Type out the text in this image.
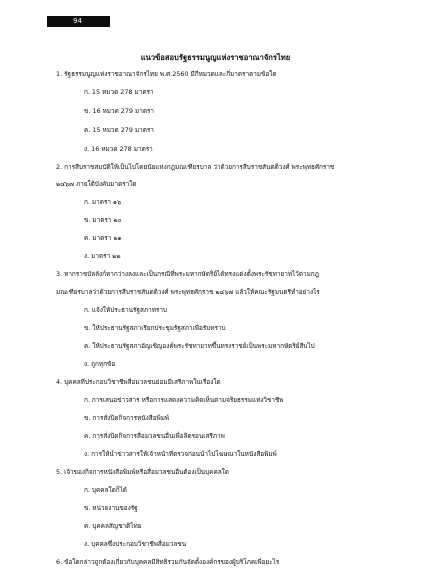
94
แนวข้อสอบรัฐธรรมนูญแห่งราชอาณาจักรไทย
1. รัฐธรรมนูญแห่งราชอาณาจักรไทย พ.ศ.2560 มีกี่หมวดและกี่มาตราตามข้อใด
ก. 15 หมวด 278 มาตรา
ข. 16 หมวด 279 มาตรา
ค. 15 หมวด 279 มาตรา
ง. 16 หมวด 278 มาตรา
2. การสืบราชสมบัติให้เป็นไปโดยนัยแห่งกฎมณเฑียรบาล ว่าด้วยการสืบราชสันตติวงศ์ พระพุทธศักราช
๒๔๖๗ ภายใต้บังคับมาตราใด
ก. มาตรา ๑๖
ข. มาตรา ๒๐
ค. มาตรา ๒๑
ง. มาตรา ๒๒
3. หากราชบัลลังก์หากว่างลงและเป็นกรณีที่พระมหากษัตริย์ได้ทรงแต่งตั้งพระรัชทายาทไว้ตามกฎ
มณเฑียรบาลว่าด้วยการสืบราชสันตติวงศ์ พระพุทธศักราช ๒๔๖๗ แล้วให้คณะรัฐมนตรีทำอย่างไร
ก. แจ้งให้ประธานรัฐสภาทราบ
ข. ให้ประธานรัฐสภาเรียกประชุมรัฐสภาเพื่อรับทราบ
ค. ให้ประธานรัฐสภาอัญเชิญองค์พระรัชทายาทขึ้นทรงราชย์เป็นพระมหากษัตริย์สืบไป
ง. ถูกทุกข้อ
4. บุคคลที่ประกอบวิชาชีพสื่อมวลชนย่อมมีเสรีภาพในเรื่องใด
ก. การเสนอข่าวสาร หรือการแสดงความคิดเห็นตามจริยธรรมแห่งวิชาชีพ
ข. การสั่งปิดกิจการหนังสือพิมพ์
ค. การสั่งปิดกิจการสื่อมวลชนอื่นเพื่อลิดรอนเสรีภาพ
ง. การให้นำข่าวสารให้เจ้าหน้าที่ตรวจก่อนนำไปโฆษณาในหนังสือพิมพ์
5. เจ้าของกิจการหนังสือพิมพ์หรือสื่อมวลชนอื่นต้องเป็นบุคคลใด
ก. บุคคลใดก็ได้
ข. หน่วยงานของรัฐ
ค. บุคคลสัญชาติไทย
ง. บุคคลซึ่งประกอบวิชาชีพสื่อมวลชน
6. ข้อใดกล่าวถูกต้องเกี่ยวกับบุคคลมีสิทธิรวมกันจัดตั้งองค์กรของผู้บริโภคเพื่อยะไร
